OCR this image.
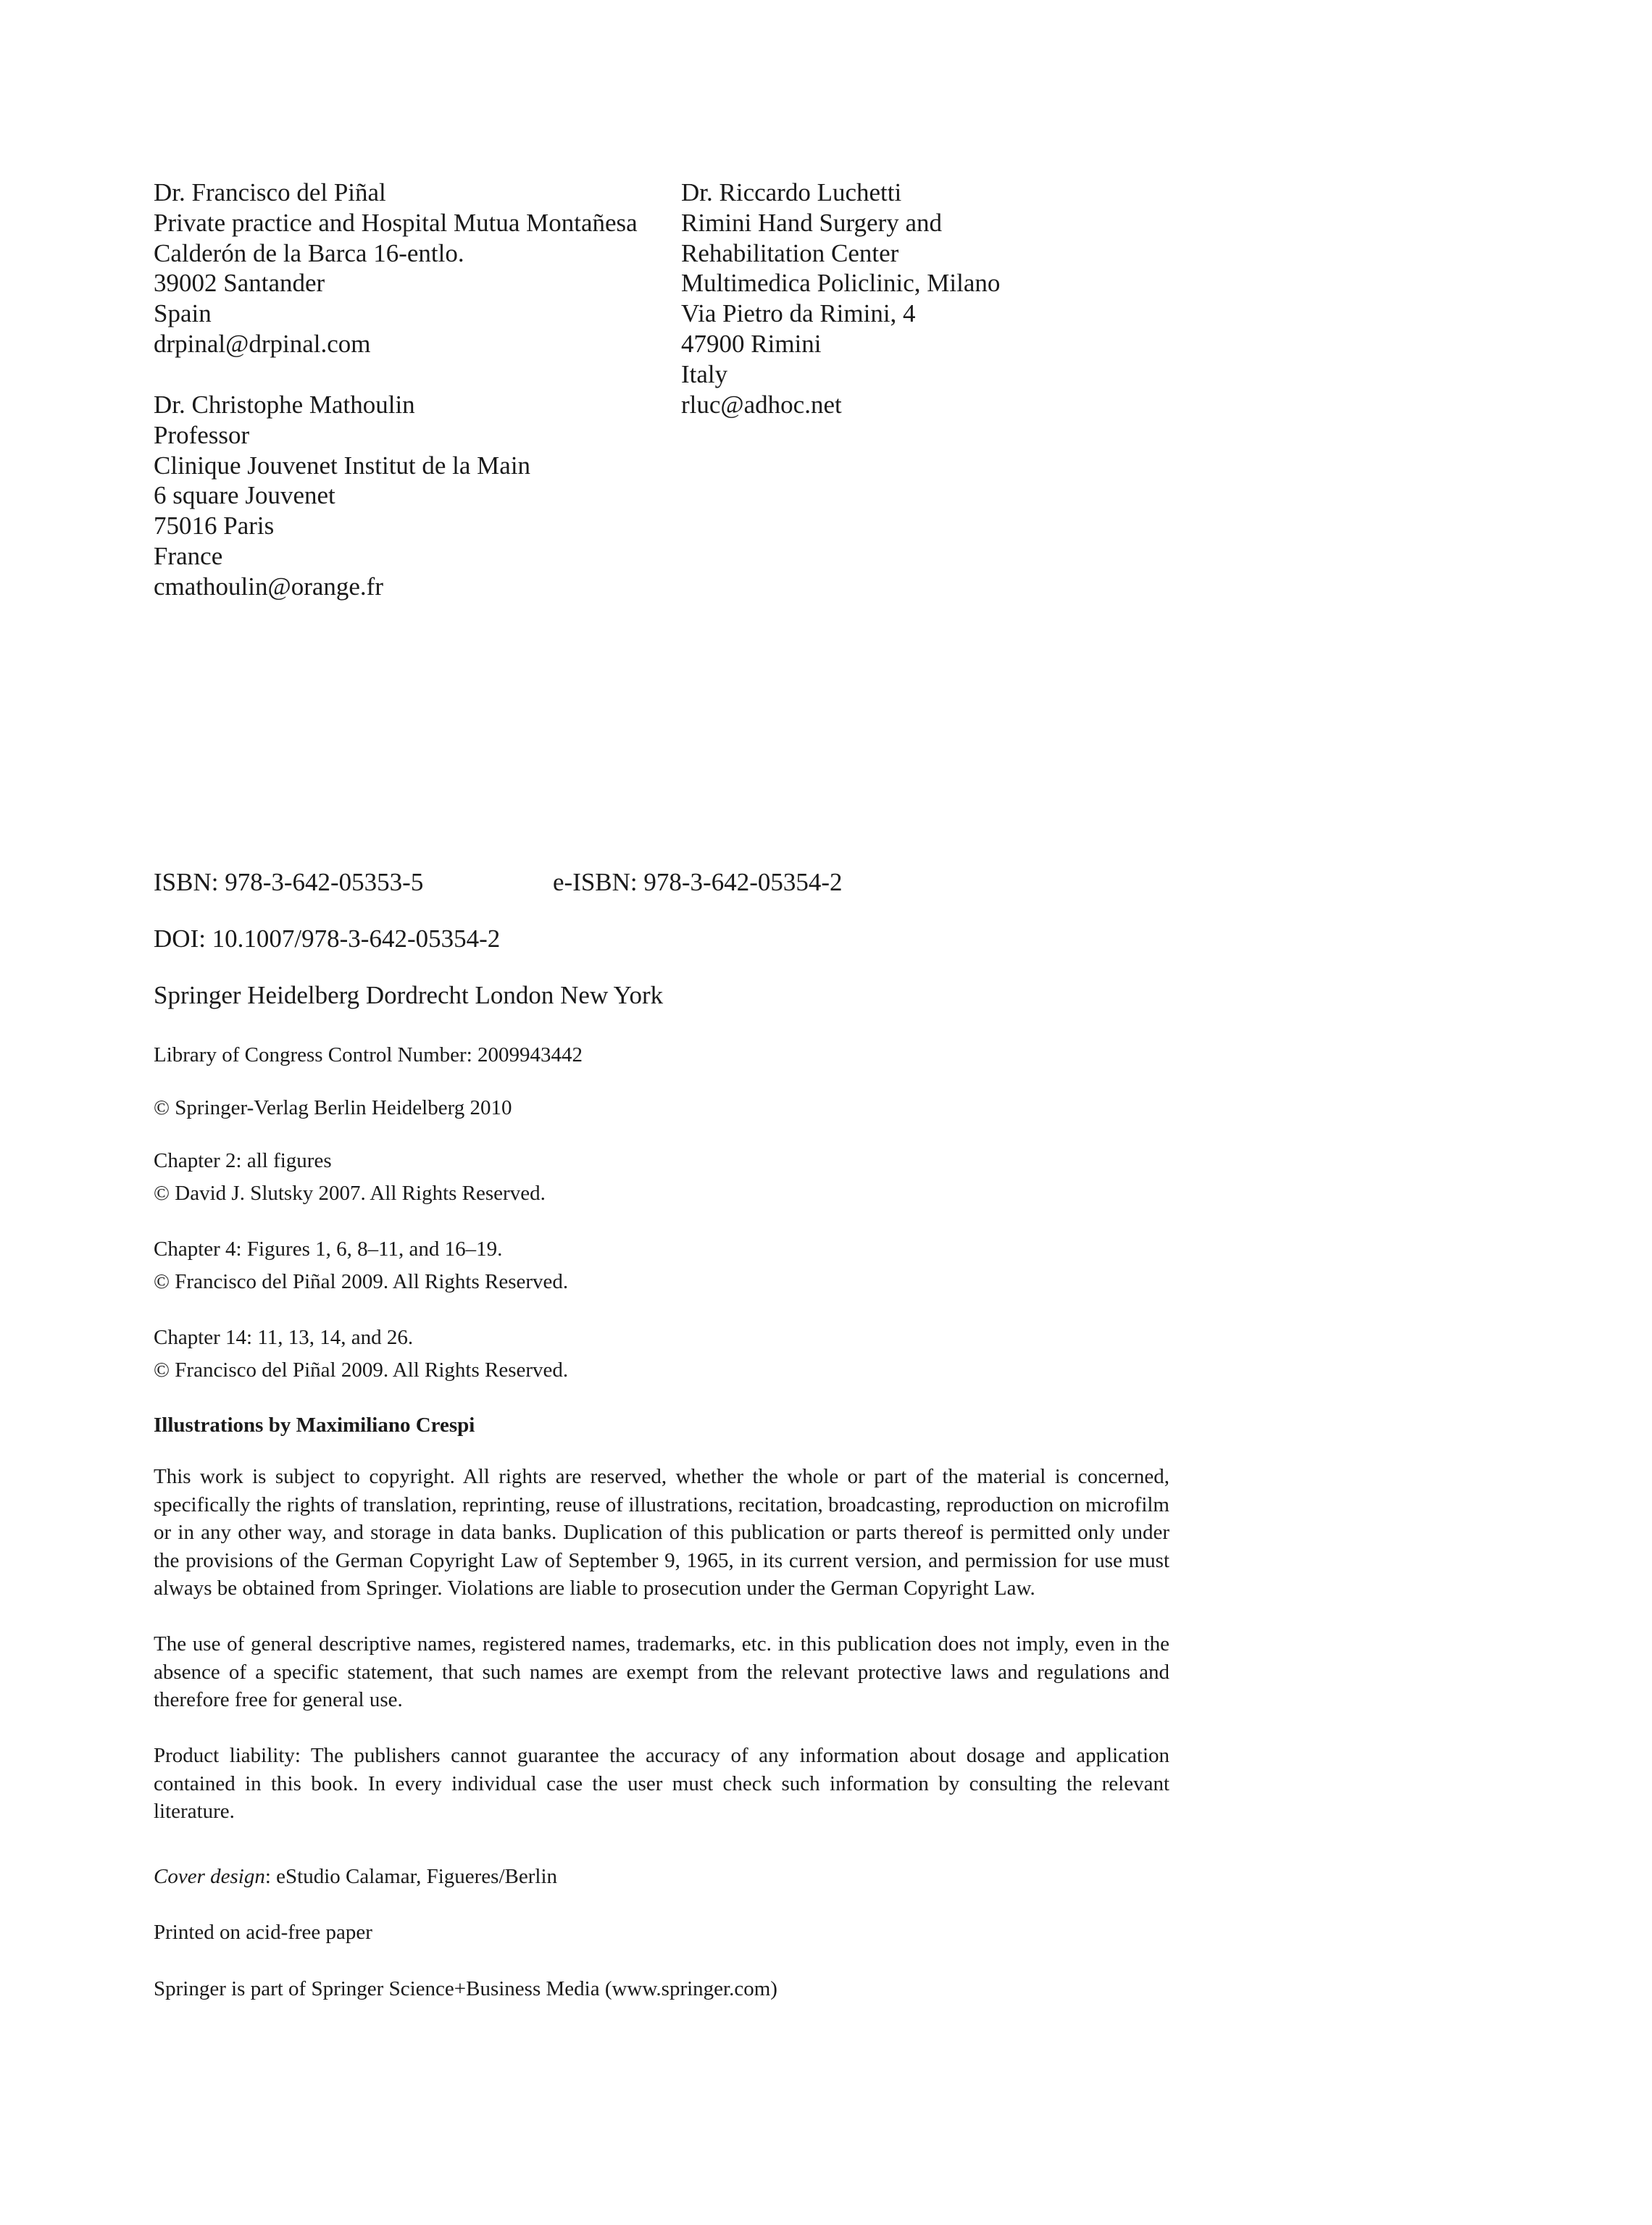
Dr. Francisco del Piñal
Private practice and Hospital Mutua Montañesa
Calderón de la Barca 16-entlo.
39002 Santander
Spain
drpinal@drpinal.com
Dr. Christophe Mathoulin
Professor
Clinique Jouvenet Institut de la Main
6 square Jouvenet
75016 Paris
France
cmathoulin@orange.fr
Dr. Riccardo Luchetti
Rimini Hand Surgery and
Rehabilitation Center
Multimedica Policlinic, Milano
Via Pietro da Rimini, 4
47900 Rimini
Italy
rluc@adhoc.net
ISBN: 978-3-642-05353-5	e-ISBN: 978-3-642-05354-2
DOI: 10.1007/978-3-642-05354-2
Springer Heidelberg Dordrecht London New York
Library of Congress Control Number: 2009943442
© Springer-Verlag Berlin Heidelberg 2010
Chapter 2: all figures
© David J. Slutsky 2007. All Rights Reserved.
Chapter 4: Figures 1, 6, 8–11, and 16–19.
© Francisco del Piñal 2009. All Rights Reserved.
Chapter 14: 11, 13, 14, and 26.
© Francisco del Piñal 2009. All Rights Reserved.
Illustrations by Maximiliano Crespi

This work is subject to copyright. All rights are reserved, whether the whole or part of the material is concerned, specifically the rights of translation, reprinting, reuse of illustrations, recitation, broadcasting, reproduction on microfilm or in any other way, and storage in data banks. Duplication of this publication or parts thereof is permitted only under the provisions of the German Copyright Law of September 9, 1965, in its current version, and permission for use must always be obtained from Springer. Violations are liable to prosecution under the German Copyright Law.

The use of general descriptive names, registered names, trademarks, etc. in this publication does not imply, even in the absence of a specific statement, that such names are exempt from the relevant protective laws and regulations and therefore free for general use.

Product liability: The publishers cannot guarantee the accuracy of any information about dosage and application contained in this book. In every individual case the user must check such information by consulting the relevant literature.

Cover design: eStudio Calamar, Figueres/Berlin
Printed on acid-free paper
Springer is part of Springer Science+Business Media (www.springer.com)
